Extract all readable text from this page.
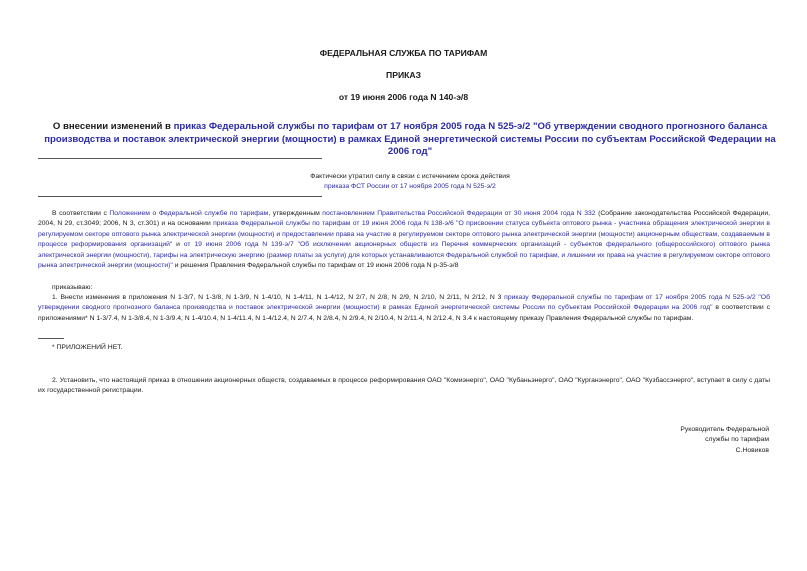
ФЕДЕРАЛЬНАЯ СЛУЖБА ПО ТАРИФАМ
ПРИКАЗ
от 19 июня 2006 года N 140-э/8
О внесении изменений в приказ Федеральной службы по тарифам от 17 ноября 2005 года N 525-э/2 "Об утверждении сводного прогнозного баланса производства и поставок электрической энергии (мощности) в рамках Единой энергетической системы России по субъектам Российской Федерации на 2006 год"
Фактически утратил силу в связи с истечением срока действия
приказа ФСТ России от 17 ноября 2005 года N 525-э/2
В соответствии с Положением о Федеральной службе по тарифам, утвержденным постановлением Правительства Российской Федерации от 30 июня 2004 года N 332 (Собрание законодательства Российской Федерации, 2004, N 29, ст.3049; 2006, N 3, ст.301) и на основании приказа Федеральной службы по тарифам от 19 июня 2006 года N 138-э/6 "О присвоении статуса субъекта оптового рынка - участника обращения электрической энергии в регулируемом секторе оптового рынка электрической энергии (мощности) и предоставлении права на участие в регулируемом секторе оптового рынка электрической энергии (мощности) акционерным обществам, создаваемым в процессе реформирования организаций" и от 19 июня 2006 года N 139-э/7 "Об исключении акционерных обществ из Перечня коммерческих организаций - субъектов федерального (общероссийского) оптового рынка электрической энергии (мощности), тарифы на электрическую энергию (размер платы за услуги) для которых устанавливаются Федеральной службой по тарифам, и лишении их права на участие в регулируемом секторе оптового рынка электрической энергии (мощности)" и решения Правления Федеральной службы по тарифам от 19 июня 2006 года N р-35-э/8
приказываю:
1. Внести изменения в приложения N 1-3/7, N 1-3/8, N 1-3/9, N 1-4/10, N 1-4/11, N 1-4/12, N 2/7, N 2/8, N 2/9, N 2/10, N 2/11, N 2/12, N 3 приказу Федеральной службы по тарифам от 17 ноября 2005 года N 525-э/2 "Об утверждении сводного прогнозного баланса производства и поставок электрической энергии (мощности) в рамках Единой энергетической системы России по субъектам Российской Федерации на 2006 год" в соответствии с приложениями* N 1-3/7.4, N 1-3/8.4, N 1-3/9.4, N 1-4/10.4, N 1-4/11.4, N 1-4/12.4, N 2/7.4, N 2/8.4, N 2/9.4, N 2/10.4, N 2/11.4, N 2/12.4, N 3.4 к настоящему приказу Правления Федеральной службы по тарифам.
* ПРИЛОЖЕНИЙ НЕТ.
2. Установить, что настоящий приказ в отношении акционерных обществ, создаваемых в процессе реформирования ОАО "Комиэнерго", ОАО "Кубаньэнерго", ОАО "Курганэнерго", ОАО "Кузбассэнерго", вступает в силу с даты их государственной регистрации.
Руководитель Федеральной
службы по тарифам
С.Новиков
